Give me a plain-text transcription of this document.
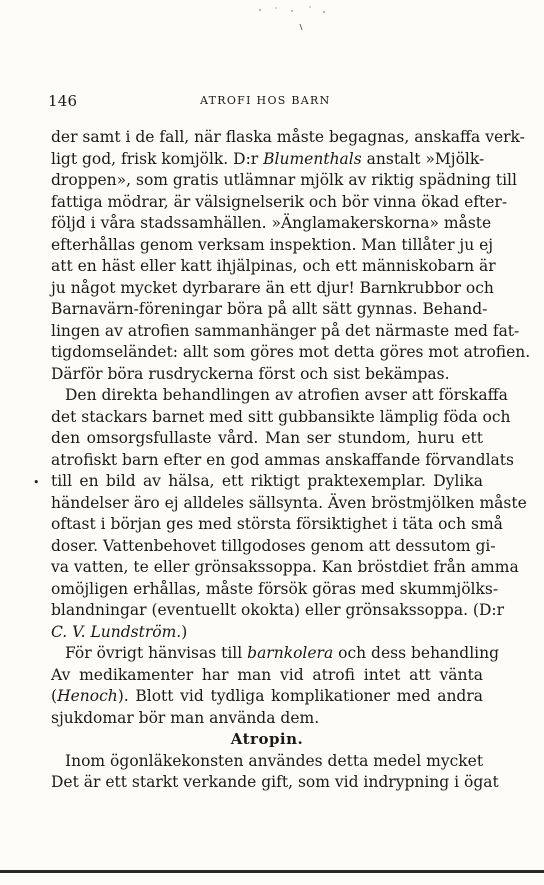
146	ATROFI HOS BARN
der samt i de fall, när flaska måste begagnas, anskaffa verk-
ligt god, frisk komjölk. D:r Blumenthals anstalt »Mjölk-
droppen», som gratis utlämnar mjölk av riktig spädning till
fattiga mödrar, är välsignelserik och bör vinna ökad efter-
följd i våra stadssamhällen. »Änglamakerskorna» måste
efterhållas genom verksam inspektion. Man tillåter ju ej
att en häst eller katt ihjälpinas, och ett människobarn är
ju något mycket dyrbarare än ett djur! Barnkrubbor och
Barnavärn-föreningar böra på allt sätt gynnas. Behand-
lingen av atrofien sammanhänger på det närmaste med fat-
tigdomseländet: allt som göres mot detta göres mot atrofien.
Därför böra rusdryckerna först och sist bekämpas.
Den direkta behandlingen av atrofien avser att förskaffa
det stackars barnet med sitt gubbansikte lämplig föda och
den omsorgsfullaste vård. Man ser stundom, huru ett
atrofiskt barn efter en god ammas anskaffande förvandlats
till en bild av hälsa, ett riktigt praktexemplar. Dylika
händelser äro ej alldeles sällsynta. Även bröstmjölken måste
oftast i början ges med största försiktighet i täta och små
doser. Vattenbehovet tillgodoses genom att dessutom gi-
va vatten, te eller grönsakssoppa. Kan bröstdiet från amma
omöjligen erhållas, måste försök göras med skummjölks-
blandningar (eventuellt okokta) eller grönsakssoppa. (D:r
C. V. Lundström.)
För övrigt hänvisas till barnkolera och dess behandling
Av medikamenter har man vid atrofi intet att vänta
(Henoch). Blott vid tydliga komplikationer med andra
sjukdomar bör man använda dem.
Atropin.
Inom ögonläkekonsten användes detta medel mycket
Det är ett starkt verkande gift, som vid indrypning i ögat
•
